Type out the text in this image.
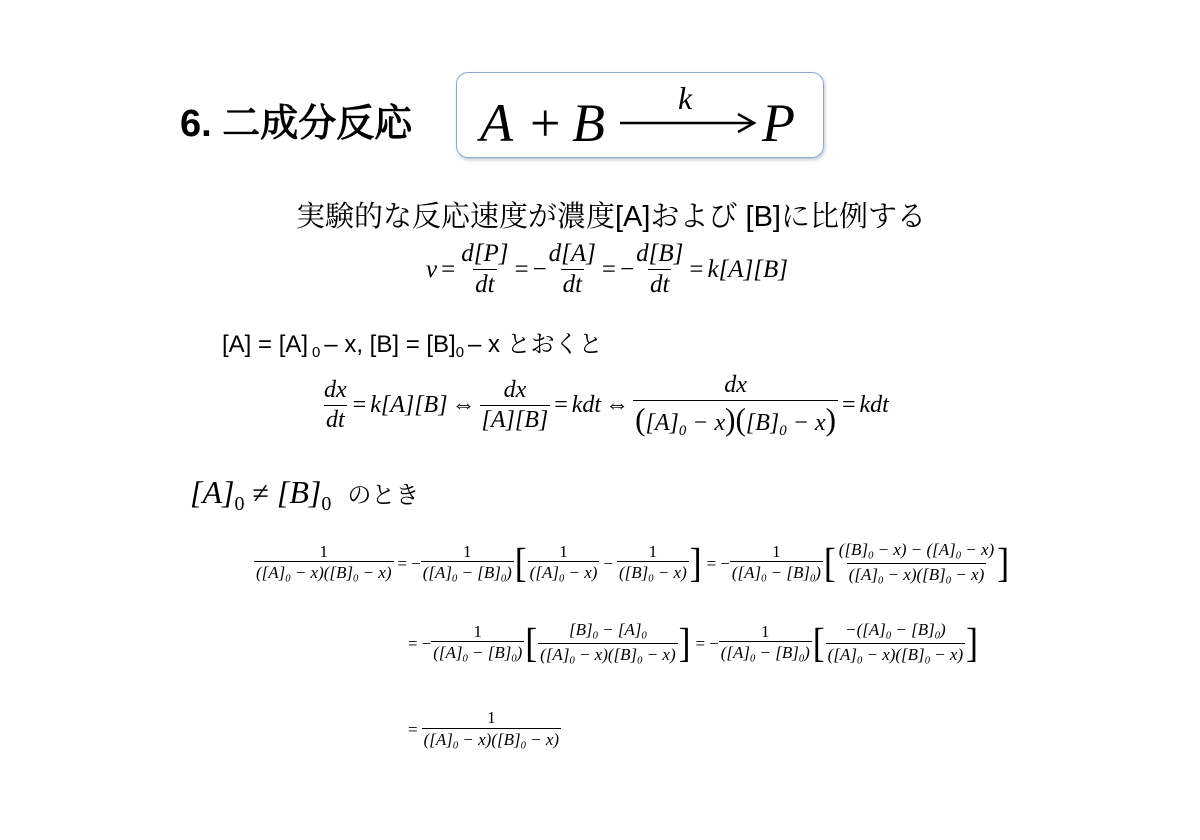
6. 二成分反応 A + B →
k P
実験的な反応速度が濃度[A]および [B]に比例する
$v = \frac{d[P]}{dt}$ = − $\frac{d[A]}{dt}$ = − $\frac{d[B]}{dt} = k[A][B]$
[A] = [A] $_0$ – x, $[B] = [B]_0 - x$ とおくと
$\frac{dx}{dt} = k[A][B]$ ⇔ $\frac{dx}{[A][B]}$ = kdt ⇔ $\frac{dx}{([A]_0 - x)([B]_0 - x)}$ = kdt
$[A]_0 \ne [B]_0$ のとき
$\frac{1}{([A]_0 - x)([B]_0 - x)}$ = − $\frac{1}{([A]_0 - [B]_0)}$ [ $\frac{1}{([A]_0 - x)} - \frac{1}{([B]_0 - x)}$ ] = − $\frac{1}{([A]_0 - [B]_0)}$ [ $\frac{([B]_0 - x) - ([A]_0 - x)}{([A]_0 - x)([B]_0 - x)}$ ]
= − $\frac{1}{([A]_0 - [B]_0)}$ [ $\frac{[B]_0 - [A]_0}{([A]_0 - x)([B]_0 - x)}$ ] = − $\frac{1}{([A]_0 - [B]_0)}$ [ $\frac{-([A]_0 - [B]_0)}{([A]_0 - x)([B]_0 - x)}$ ]
= $\frac{1}{([A]_0 - x)([B]_0 - x)}$
